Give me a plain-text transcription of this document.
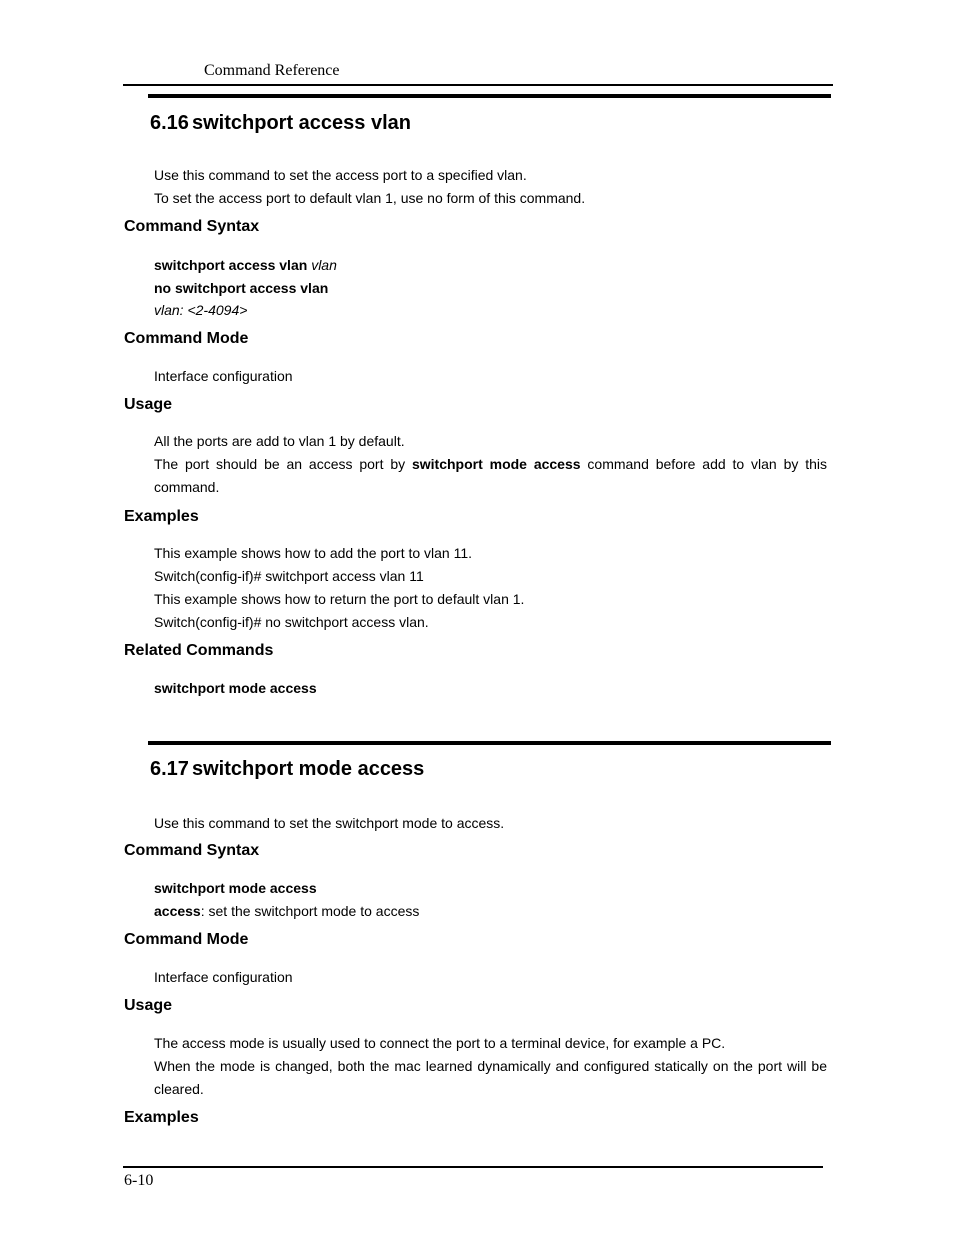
Command Reference
6.16 switchport access vlan
Use this command to set the access port to a specified vlan.
To set the access port to default vlan 1, use no form of this command.
Command Syntax
switchport access vlan vlan
no switchport access vlan
vlan: <2-4094>
Command Mode
Interface configuration
Usage
All the ports are add to vlan 1 by default.
The port should be an access port by switchport mode access command before add to vlan by this command.
Examples
This example shows how to add the port to vlan 11.
Switch(config-if)# switchport access vlan 11
This example shows how to return the port to default vlan 1.
Switch(config-if)# no switchport access vlan.
Related Commands
switchport mode access
6.17 switchport mode access
Use this command to set the switchport mode to access.
Command Syntax
switchport mode access
access: set the switchport mode to access
Command Mode
Interface configuration
Usage
The access mode is usually used to connect the port to a terminal device, for example a PC.
When the mode is changed, both the mac learned dynamically and configured statically on the port will be cleared.
Examples
6-10
